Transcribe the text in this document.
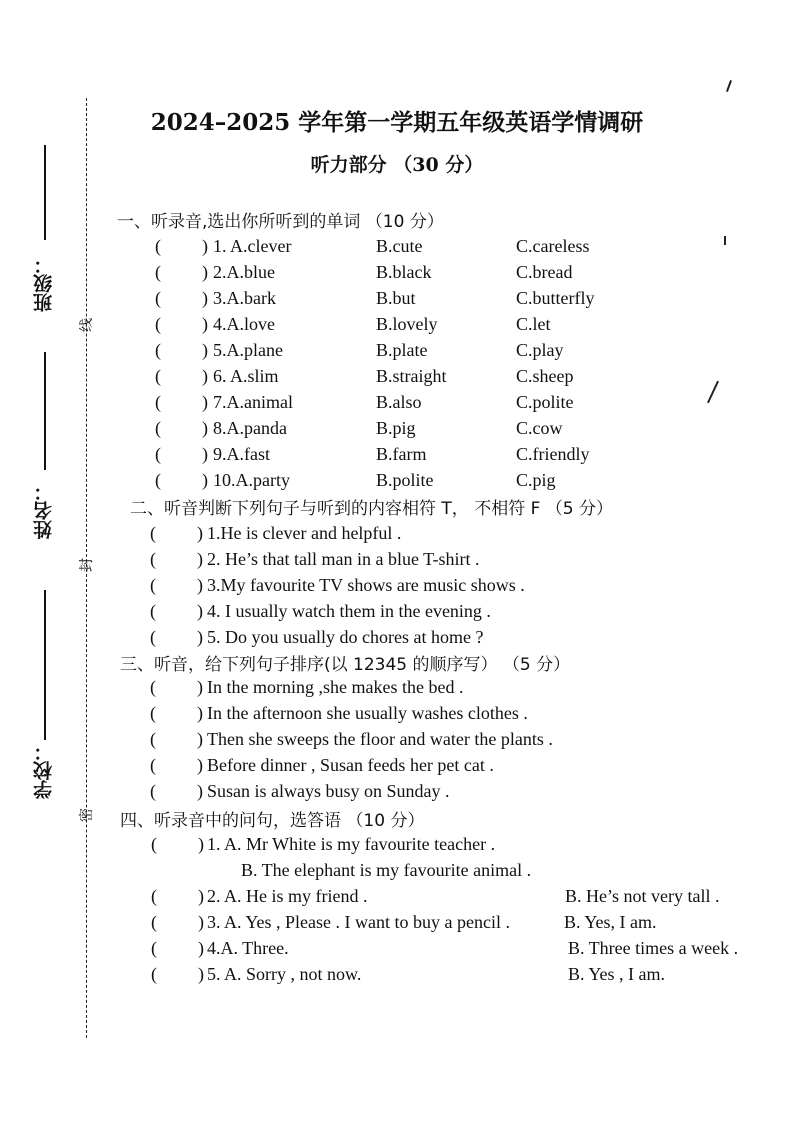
班级：
姓名：
学校：
线
封
密
2024–2025 学年第一学期五年级英语学情调研
听力部分 （30 分）
一、听录音,选出你所听到的单词 （10 分）
( ) 1. A.clever	B.cute	C.careless
( ) 2.A.blue	B.black	C.bread
( ) 3.A.bark	B.but	C.butterfly
( ) 4.A.love	B.lovely	C.let
( ) 5.A.plane	B.plate	C.play
( ) 6. A.slim	B.straight	C.sheep
( ) 7.A.animal	B.also	C.polite
( ) 8.A.panda	B.pig	C.cow
( ) 9.A.fast	B.farm	C.friendly
( ) 10.A.party	B.polite	C.pig
二、听音判断下列句子与听到的内容相符 T， 不相符 F （5 分）
( ) 1.He is clever and helpful .
( ) 2. He’s that tall man in a blue T-shirt .
( ) 3.My favourite TV shows are music shows .
( ) 4. I usually watch them in the evening .
( ) 5. Do you usually do chores at home ?
三、听音，给下列句子排序(以 12345 的顺序写） （5 分）
( ) In the morning ,she makes the bed .
( ) In the afternoon she usually washes clothes .
( ) Then she sweeps the floor and water the plants .
( ) Before dinner , Susan feeds her pet cat .
( ) Susan is always busy on Sunday .
四、听录音中的问句，选答语 （10 分）
( ) 1. A. Mr White is my favourite teacher .
B. The elephant is my favourite animal .
( ) 2. A. He is my friend .	B. He’s not very tall .
( ) 3. A. Yes , Please . I want to buy a pencil .	B. Yes, I am.
( ) 4.A. Three.	B. Three times a week .
( ) 5. A. Sorry , not now.	B. Yes , I am.
